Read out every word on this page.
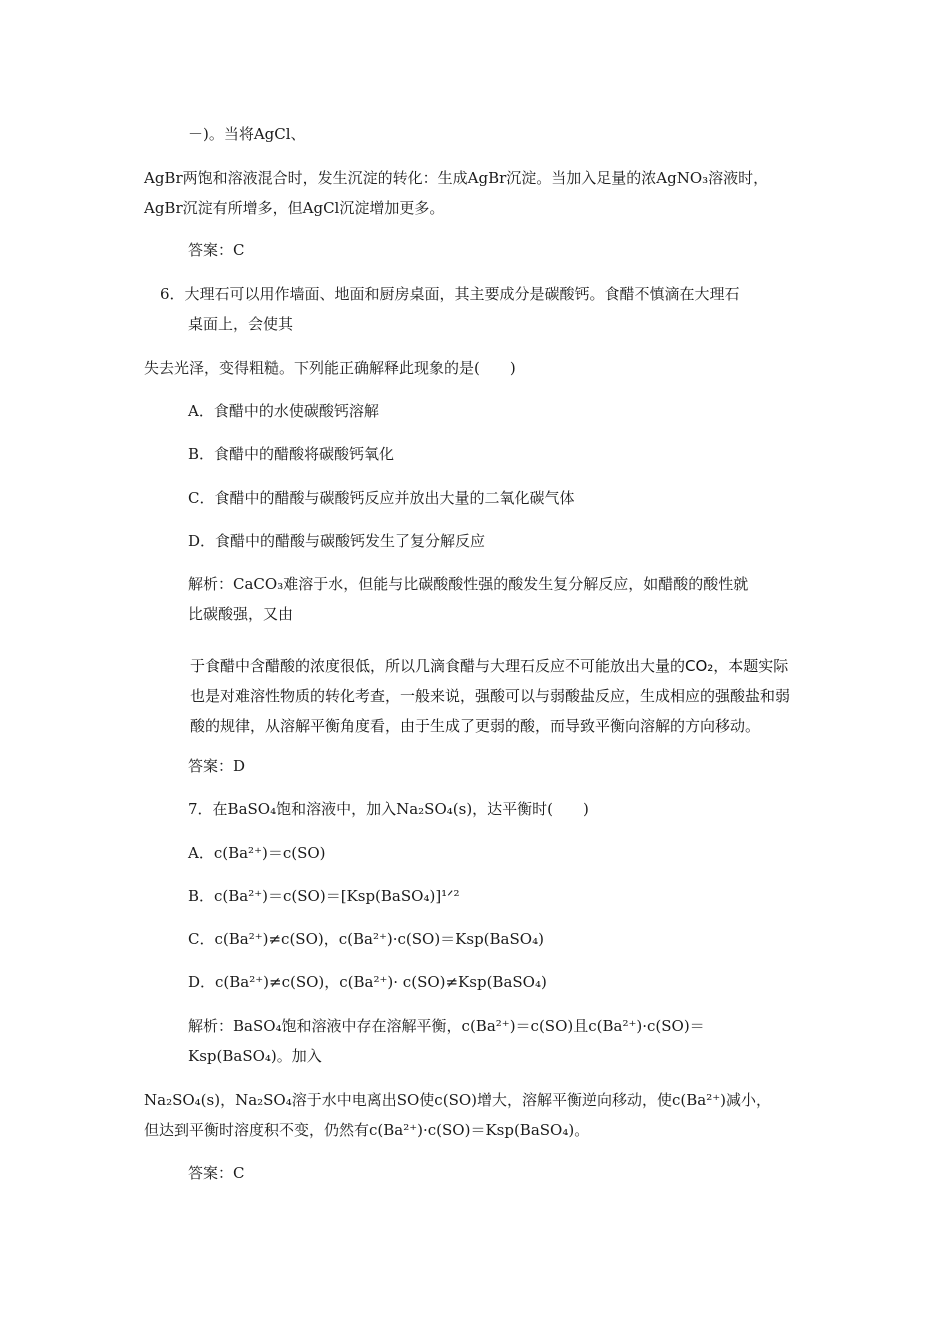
－)。当将AgCl、
AgBr两饱和溶液混合时，发生沉淀的转化：生成AgBr沉淀。当加入足量的浓AgNO₃溶液时，
AgBr沉淀有所增多，但AgCl沉淀增加更多。
答案：C
6．大理石可以用作墙面、地面和厨房桌面，其主要成分是碳酸钙。食醋不慎滴在大理石
桌面上，会使其
失去光泽，变得粗糙。下列能正确解释此现象的是(　　)
A．食醋中的水使碳酸钙溶解
B．食醋中的醋酸将碳酸钙氧化
C．食醋中的醋酸与碳酸钙反应并放出大量的二氧化碳气体
D．食醋中的醋酸与碳酸钙发生了复分解反应
解析：CaCO₃难溶于水，但能与比碳酸酸性强的酸发生复分解反应，如醋酸的酸性就
比碳酸强，又由
于食醋中含醋酸的浓度很低，所以几滴食醋与大理石反应不可能放出大量的CO₂，本题实际
也是对难溶性物质的转化考查，一般来说，强酸可以与弱酸盐反应，生成相应的强酸盐和弱
酸的规律，从溶解平衡角度看，由于生成了更弱的酸，而导致平衡向溶解的方向移动。
答案：D
7．在BaSO₄饱和溶液中，加入Na₂SO₄(s)，达平衡时(　　)
A．c(Ba²⁺)＝c(SO)
B．c(Ba²⁺)＝c(SO)＝[Ksp(BaSO₄)]¹ᐟ²
C．c(Ba²⁺)≠c(SO)，c(Ba²⁺)·c(SO)＝Ksp(BaSO₄)
D．c(Ba²⁺)≠c(SO)，c(Ba²⁺)· c(SO)≠Ksp(BaSO₄)
解析：BaSO₄饱和溶液中存在溶解平衡，c(Ba²⁺)＝c(SO)且c(Ba²⁺)·c(SO)＝
Ksp(BaSO₄)。加入
Na₂SO₄(s)，Na₂SO₄溶于水中电离出SO使c(SO)增大，溶解平衡逆向移动，使c(Ba²⁺)减小，
但达到平衡时溶度积不变，仍然有c(Ba²⁺)·c(SO)＝Ksp(BaSO₄)。
答案：C
